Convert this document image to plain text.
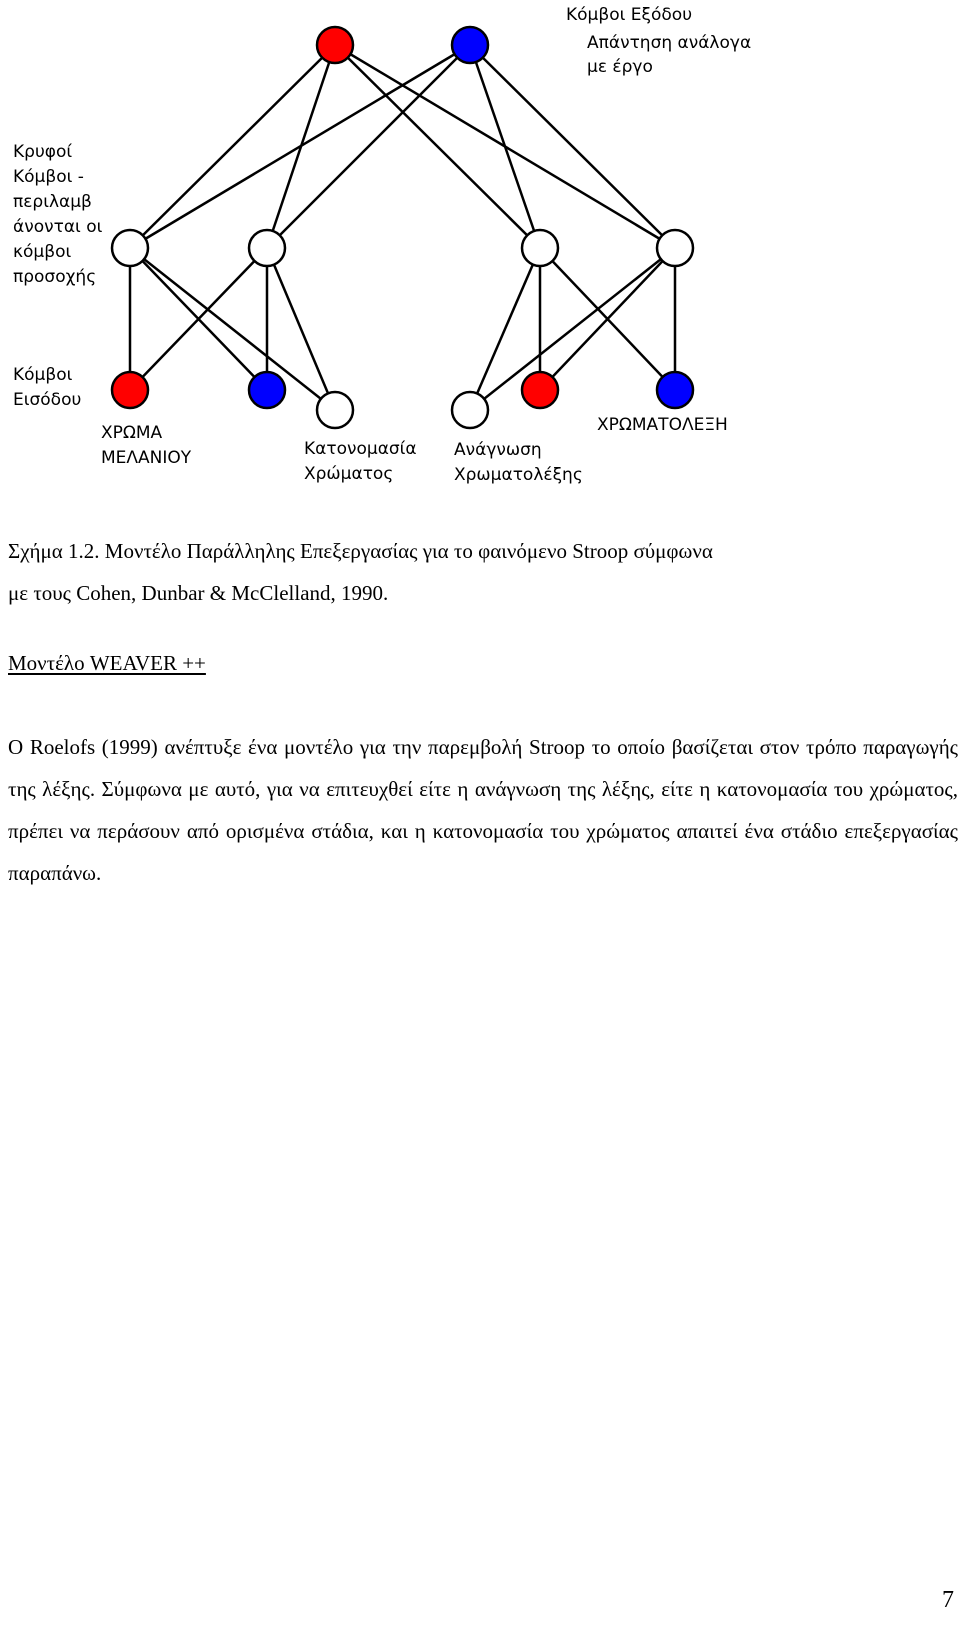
Κόμβοι Εξόδου Απάντηση ανάλογα με έργο
Κρυφοί Κόμβοι - περιλαμβ άνονται οι κόμβοι προσοχής
Κόμβοι Εισόδου
ΧΡΩΜΑ ΜΕΛΑΝΙΟΥ	Κατονομασία Χρώματος
Ανάγνωση Χρωματολέξης
ΧΡΩΜΑΤΟΛΕΞΗ

Σχήμα 1.2. Μοντέλο Παράλληλης Επεξεργασίας για το φαινόμενο Stroop σύμφωνα

με τους Cohen, Dunbar & McClelland, 1990.

Μοντέλο WEAVER ++
Ο Roelofs (1999) ανέπτυξε ένα μοντέλο για την παρεμβολή Stroop το οποίο βασίζεται στον τρόπο παραγωγής της λέξης. Σύμφωνα με αυτό, για να επιτευχθεί είτε η ανάγνωση της λέξης, είτε η κατονομασία του χρώματος, πρέπει να περάσουν από ορισμένα στάδια, και η κατονομασία του χρώματος απαιτεί ένα στάδιο επεξεργασίας παραπάνω.
7
